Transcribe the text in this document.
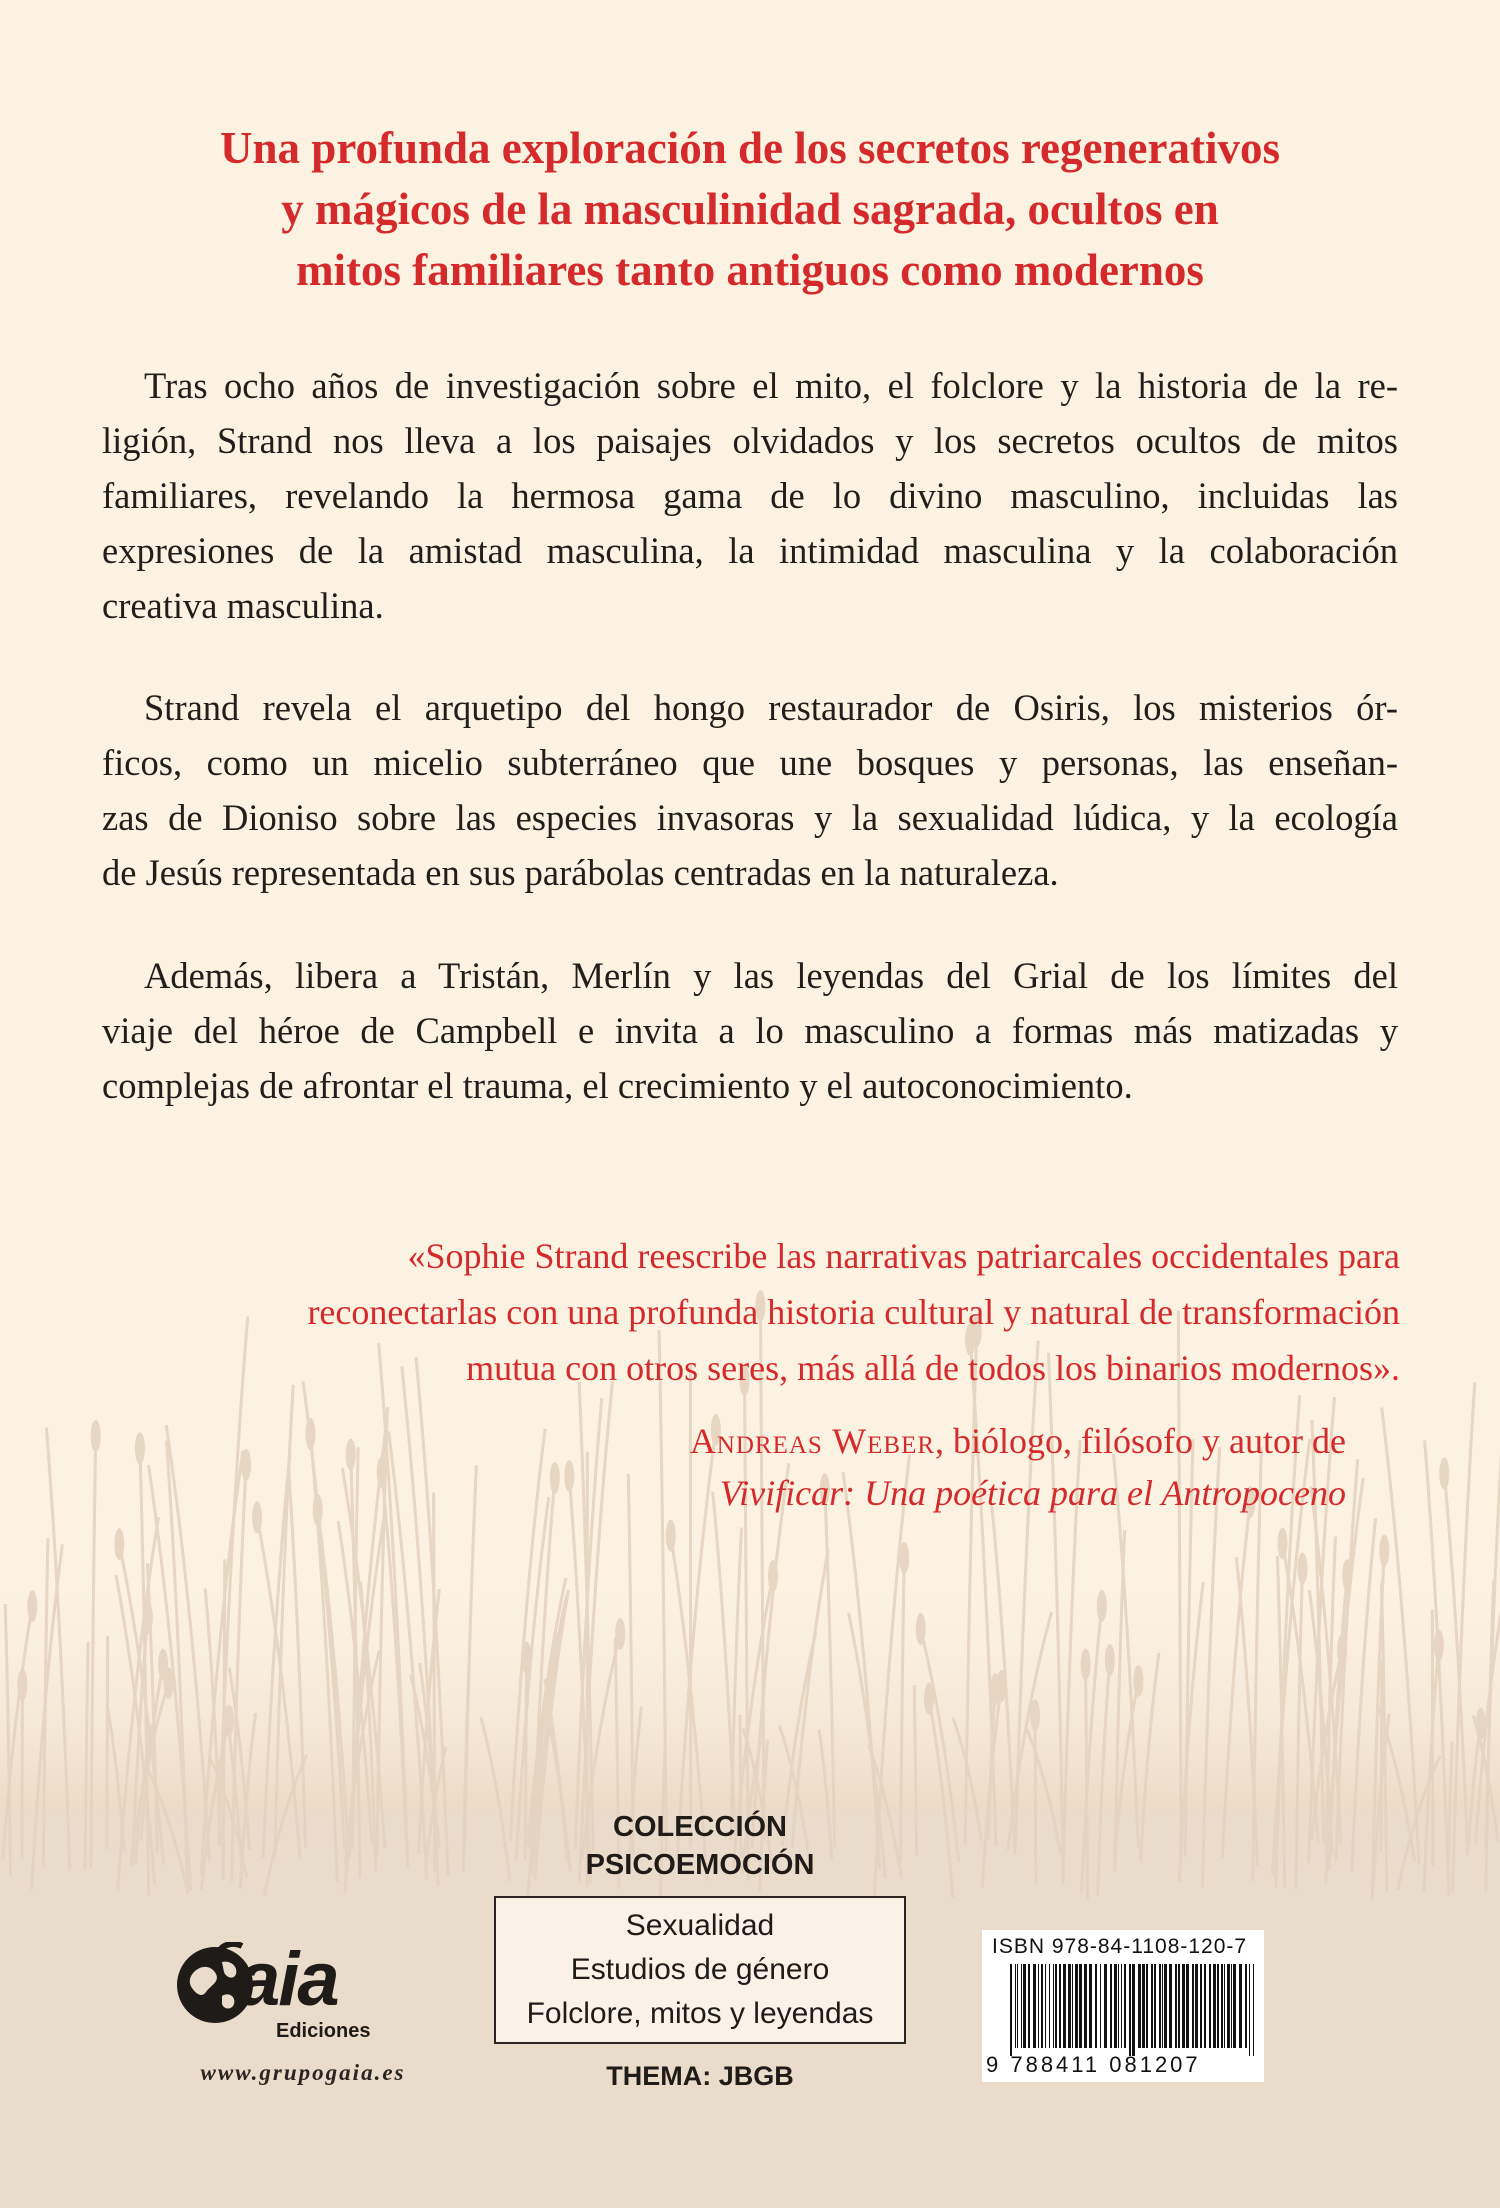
Una profunda exploración de los secretos regenerativos
y mágicos de la masculinidad sagrada, ocultos en
mitos familiares tanto antiguos como modernos
Tras ocho años de investigación sobre el mito, el folclore y la historia de la re-
ligión, Strand nos lleva a los paisajes olvidados y los secretos ocultos de mitos
familiares, revelando la hermosa gama de lo divino masculino, incluidas las
expresiones de la amistad masculina, la intimidad masculina y la colaboración
creativa masculina.
Strand revela el arquetipo del hongo restaurador de Osiris, los misterios ór-
ficos, como un micelio subterráneo que une bosques y personas, las enseñan-
zas de Dioniso sobre las especies invasoras y la sexualidad lúdica, y la ecología
de Jesús representada en sus parábolas centradas en la naturaleza.
Además, libera a Tristán, Merlín y las leyendas del Grial de los límites del
viaje del héroe de Campbell e invita a lo masculino a formas más matizadas y
complejas de afrontar el trauma, el crecimiento y el autoconocimiento.
«Sophie Strand reescribe las narrativas patriarcales occidentales para
reconectarlas con una profunda historia cultural y natural de transformación
mutua con otros seres, más allá de todos los binarios modernos».
Andreas Weber, biólogo, filósofo y autor de
Vivificar: Una poética para el Antropoceno
COLECCIÓN
PSICOEMOCIÓN
Sexualidad
Estudios de género
Folclore, mitos y leyendas
THEMA: JBGB
aia
Ediciones
www.grupogaia.es
ISBN 978-84-1108-120-7
9 788411 081207
